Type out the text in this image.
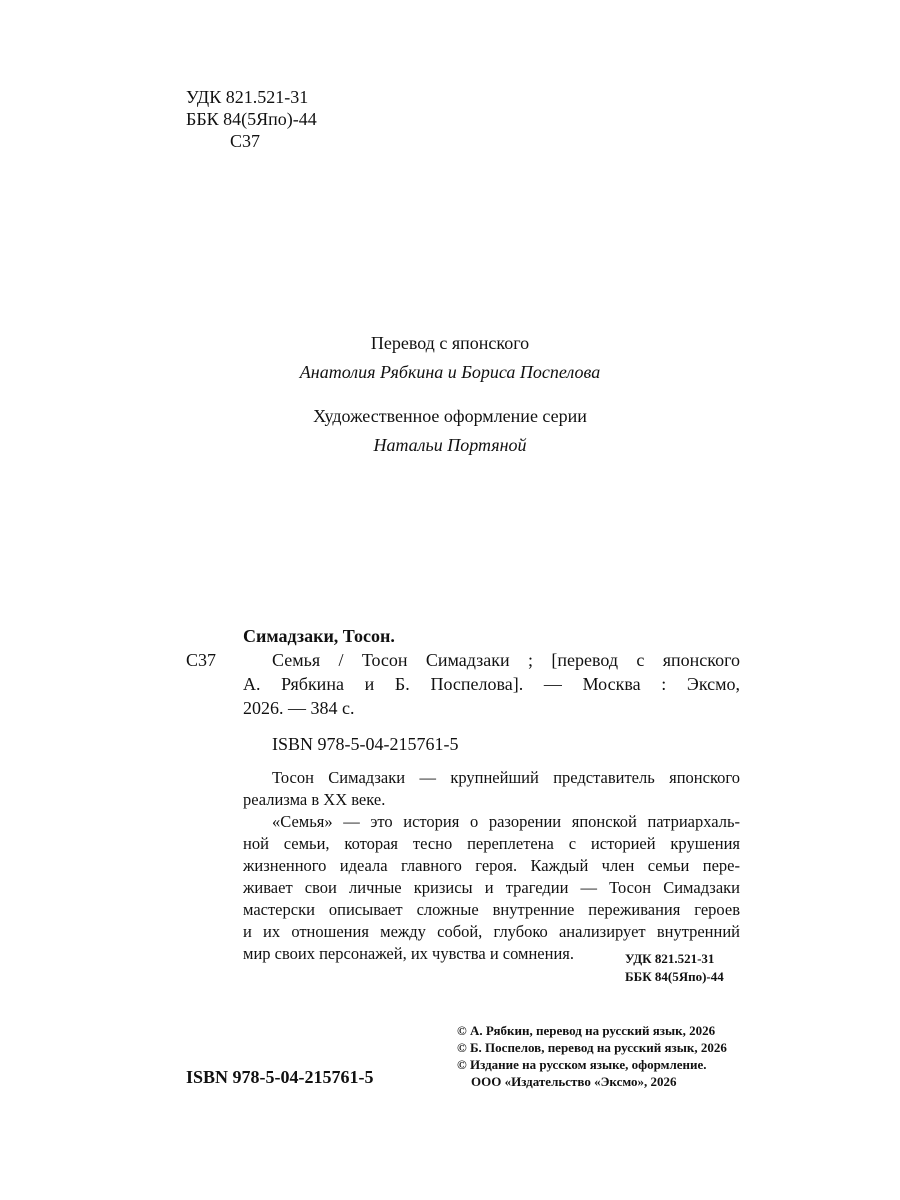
УДК 821.521-31
ББК 84(5Япо)-44
С37
Перевод с японского
Анатолия Рябкина и Бориса Поспелова
Художественное оформление серии
Натальи Портяной
Симадзаки, Тосон.
С37	Семья / Тосон Симадзаки ; [перевод с японского
А. Рябкина и Б. Поспелова]. — Москва : Эксмо,
2026. — 384 с.
ISBN 978-5-04-215761-5
Тосон Симадзаки — крупнейший представитель японского
реализма в XX веке.
«Семья» — это история о разорении японской патриархаль-
ной семьи, которая тесно переплетена с историей крушения
жизненного идеала главного героя. Каждый член семьи пере-
живает свои личные кризисы и трагедии — Тосон Симадзаки
мастерски описывает сложные внутренние переживания героев
и их отношения между собой, глубоко анализирует внутренний
мир своих персонажей, их чувства и сомнения.	УДК 821.521-31
ББК 84(5Япо)-44
ISBN 978-5-04-215761-5
© А. Рябкин, перевод на русский язык, 2026
© Б. Поспелов, перевод на русский язык, 2026
© Издание на русском языке, оформление.
ООО «Издательство «Эксмо», 2026
